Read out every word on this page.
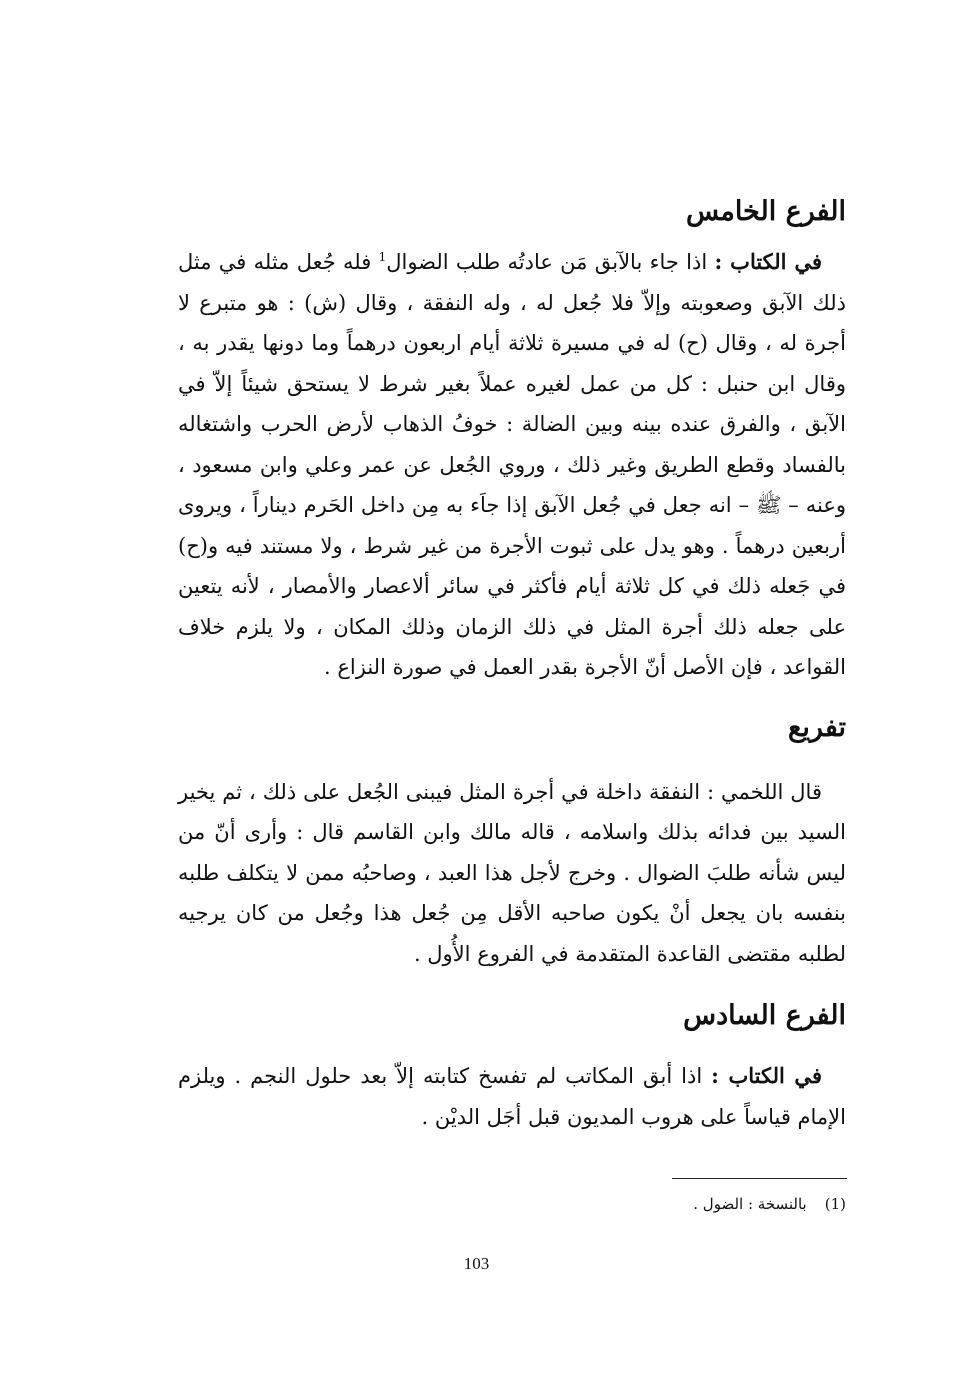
الفرع الخامس

في الكتاب : اذا جاء بالآبق مَن عادتُه طلب الضوال$^1$ فله جُعل مثله في مثل ذلك الآبق وصعوبته وإلاّ فلا جُعل له ، وله النفقة ، وقال (ش) : هو متبرع لا أجرة له ، وقال (ح) له في مسيرة ثلاثة أيام اربعون درهماً وما دونها يقدر به ، وقال ابن حنبل : كل من عمل لغيره عملاً بغير شرط لا يستحق شيئاً إلاّ في الآبق ، والفرق عنده بينه وبين الضالة : خوفُ الذهاب لأرض الحرب واشتغاله بالفساد وقطع الطريق وغير ذلك ، وروي الجُعل عن عمر وعلي وابن مسعود ، وعنه – ﷺ – انه جعل في جُعل الآبق إذا جاَء به مِن داخل الحَرم ديناراً ، ويروى أربعين درهماً . وهو يدل على ثبوت الأجرة من غير شرط ، ولا مستند فيه و(ح) في جَعله ذلك في كل ثلاثة أيام فأكثر في سائر ألاعصار والأمصار ، لأنه يتعين على جعله ذلك أجرة المثل في ذلك الزمان وذلك المكان ، ولا يلزم خلاف القواعد ، فإن الأصل أنّ الأجرة بقدر العمل في صورة النزاع .

تفريع

قال اللخمي : النفقة داخلة في أجرة المثل فيبنى الجُعل على ذلك ، ثم يخير السيد بين فدائه بذلك واسلامه ، قاله مالك وابن القاسم قال : وأرى أنّ من ليس شأنه طلبَ الضوال . وخرج لأجل هذا العبد ، وصاحبُه ممن لا يتكلف طلبه بنفسه بان يجعل أنْ يكون صاحبه الأقل مِن جُعل هذا وجُعل من كان يرجيه لطلبه مقتضى القاعدة المتقدمة في الفروع الأُول .

الفرع السادس

في الكتاب : اذا أبق المكاتب لم تفسخ كتابته إلاّ بعد حلول النجم . ويلزم الإمام قياساً على هروب المديون قبل أجَل الديْن .

(1)بالنسخة : الضول .
103
